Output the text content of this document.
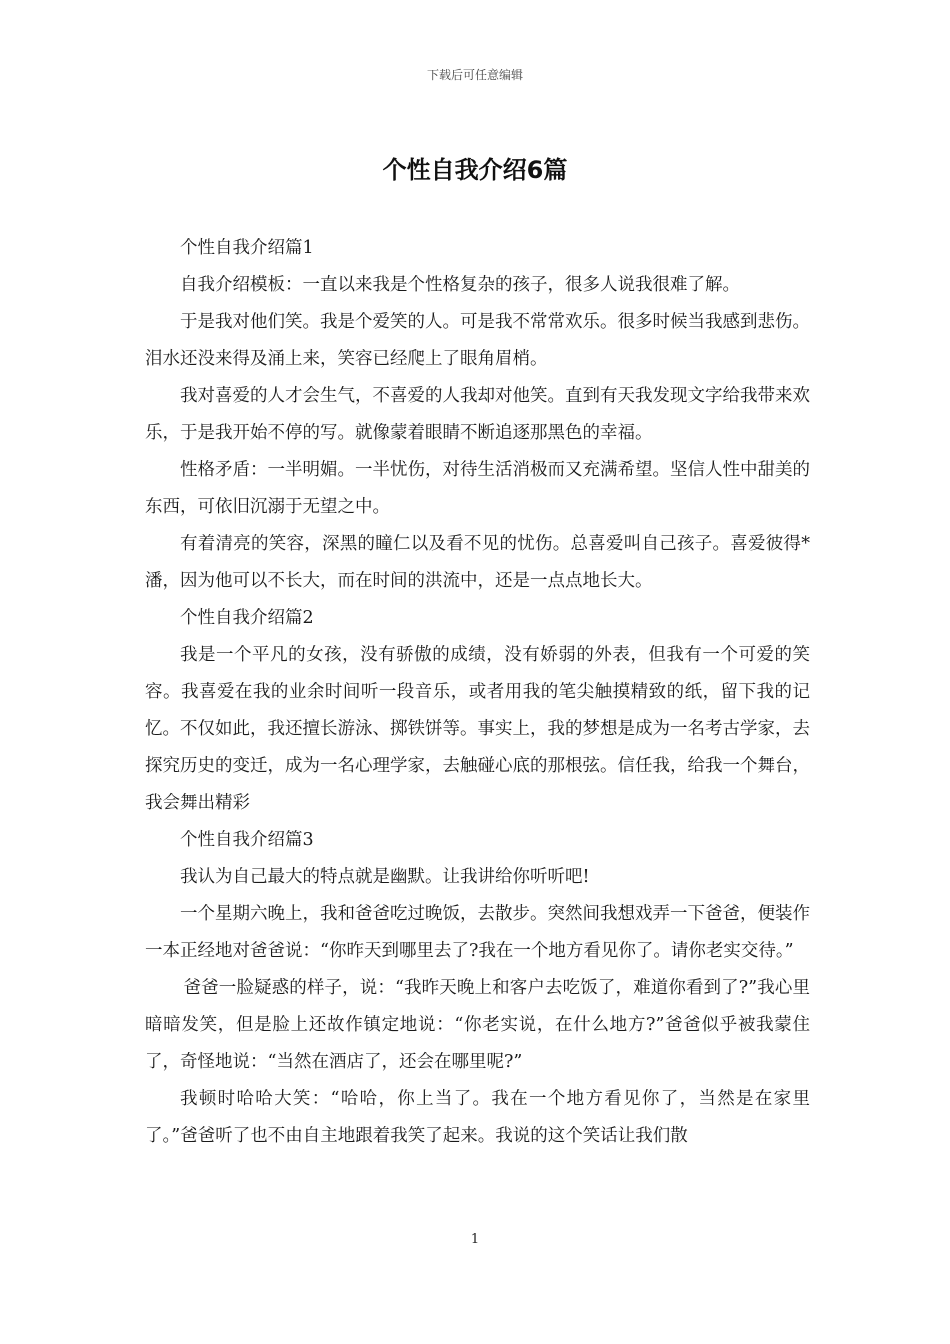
下载后可任意编辑
个性自我介绍6篇

个性自我介绍篇1

自我介绍模板：一直以来我是个性格复杂的孩子，很多人说我很难了解。

于是我对他们笑。我是个爱笑的人。可是我不常常欢乐。很多时候当我感到悲伤。泪水还没来得及涌上来，笑容已经爬上了眼角眉梢。

我对喜爱的人才会生气，不喜爱的人我却对他笑。直到有天我发现文字给我带来欢乐，于是我开始不停的写。就像蒙着眼睛不断追逐那黑色的幸福。

性格矛盾：一半明媚。一半忧伤，对待生活消极而又充满希望。坚信人性中甜美的东西，可依旧沉溺于无望之中。

有着清亮的笑容，深黑的瞳仁以及看不见的忧伤。总喜爱叫自己孩子。喜爱彼得*潘，因为他可以不长大，而在时间的洪流中，还是一点点地长大。

个性自我介绍篇2

我是一个平凡的女孩，没有骄傲的成绩，没有娇弱的外表，但我有一个可爱的笑容。我喜爱在我的业余时间听一段音乐，或者用我的笔尖触摸精致的纸，留下我的记忆。不仅如此，我还擅长游泳、掷铁饼等。事实上，我的梦想是成为一名考古学家，去探究历史的变迁，成为一名心理学家，去触碰心底的那根弦。信任我，给我一个舞台，我会舞出精彩

个性自我介绍篇3

我认为自己最大的特点就是幽默。让我讲给你听听吧!

一个星期六晚上，我和爸爸吃过晚饭，去散步。突然间我想戏弄一下爸爸，便装作一本正经地对爸爸说：“你昨天到哪里去了?我在一个地方看见你了。请你老实交待。”

爸爸一脸疑惑的样子，说：“我昨天晚上和客户去吃饭了，难道你看到了?”我心里暗暗发笑，但是脸上还故作镇定地说：“你老实说，在什么地方?”爸爸似乎被我蒙住了，奇怪地说：“当然在酒店了，还会在哪里呢?”

我顿时哈哈大笑：“哈哈，你上当了。我在一个地方看见你了，当然是在家里了。”爸爸听了也不由自主地跟着我笑了起来。我说的这个笑话让我们散

1
